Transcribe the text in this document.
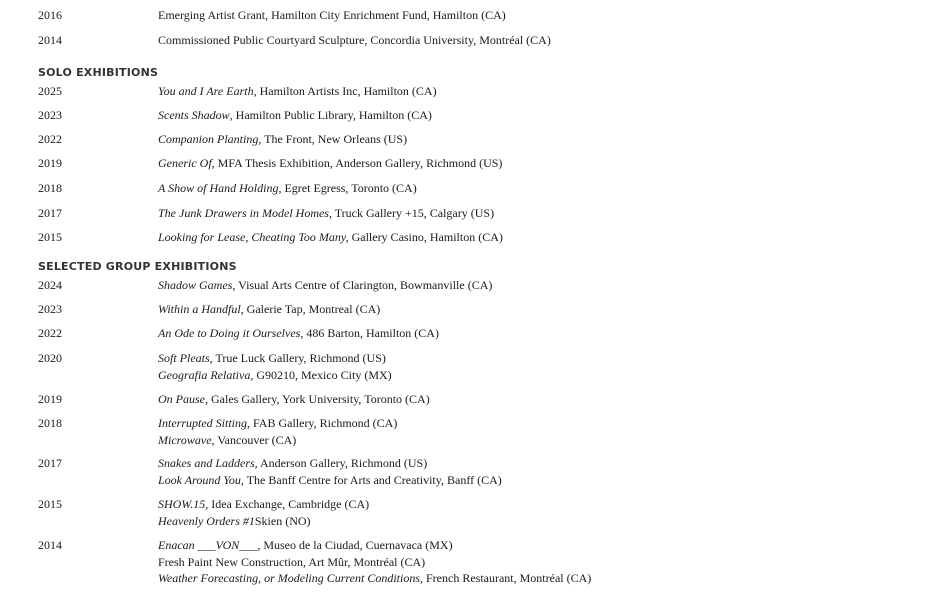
2016	Emerging Artist Grant, Hamilton City Enrichment Fund, Hamilton (CA)
2014	Commissioned Public Courtyard Sculpture, Concordia University, Montréal (CA)
SOLO EXHIBITIONS
2025	You and I Are Earth, Hamilton Artists Inc, Hamilton (CA)
2023	Scents Shadow, Hamilton Public Library, Hamilton (CA)
2022	Companion Planting, The Front, New Orleans (US)
2019	Generic Of, MFA Thesis Exhibition, Anderson Gallery, Richmond (US)
2018	A Show of Hand Holding, Egret Egress, Toronto (CA)
2017	The Junk Drawers in Model Homes, Truck Gallery +15, Calgary (US)
2015	Looking for Lease, Cheating Too Many, Gallery Casino, Hamilton (CA)
SELECTED GROUP EXHIBITIONS
2024	Shadow Games, Visual Arts Centre of Clarington, Bowmanville (CA)
2023	Within a Handful, Galerie Tap, Montreal (CA)
2022	An Ode to Doing it Ourselves, 486 Barton, Hamilton (CA)
2020	Soft Pleats, True Luck Gallery, Richmond (US)
Geografia Relativa, G90210, Mexico City (MX)
2019	On Pause, Gales Gallery, York University, Toronto (CA)
2018	Interrupted Sitting, FAB Gallery, Richmond (CA)
Microwave, Vancouver (CA)
2017	Snakes and Ladders, Anderson Gallery, Richmond (US)
Look Around You, The Banff Centre for Arts and Creativity, Banff (CA)
2015	SHOW.15, Idea Exchange, Cambridge (CA)
Heavenly Orders #1Skien (NO)
2014	Enacan ___VON___, Museo de la Ciudad, Cuernavaca (MX)
Fresh Paint New Construction, Art Mûr, Montréal (CA)
Weather Forecasting, or Modeling Current Conditions, French Restaurant, Montréal (CA)
